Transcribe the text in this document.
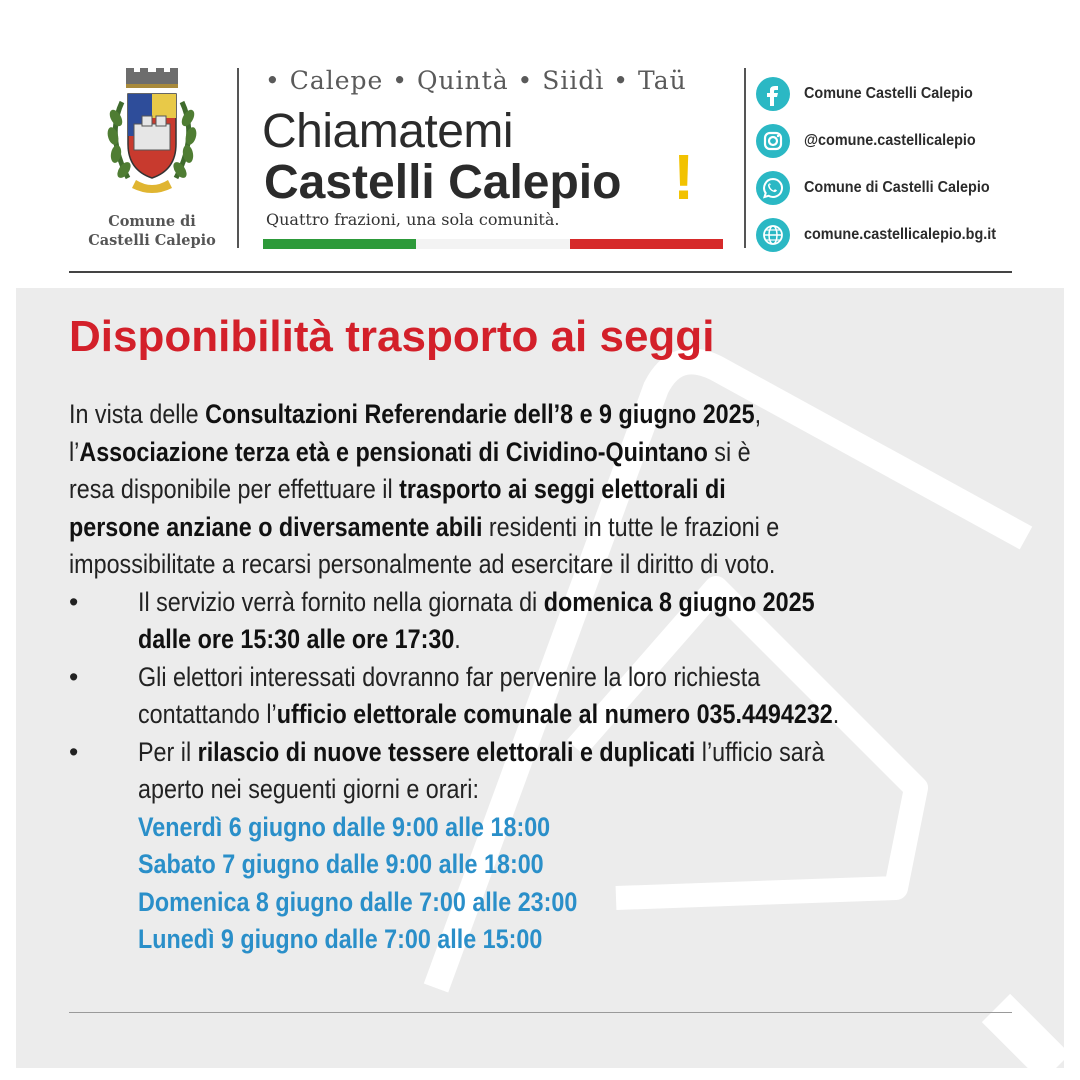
Comune di
Castelli Calepio
• Calepe • Quintà • Siidì • Taü
Chiamatemi
Castelli Calepio !
Quattro frazioni, una sola comunità.
Comune Castelli Calepio
@comune.castellicalepio
Comune di Castelli Calepio
comune.castellicalepio.bg.it
Disponibilità trasporto ai seggi

In vista delle Consultazioni Referendarie dell’8 e 9 giugno 2025,

l’Associazione terza età e pensionati di Cividino-Quintano si è

resa disponibile per effettuare il trasporto ai seggi elettorali di

persone anziane o diversamente abili residenti in tutte le frazioni e

impossibilitate a recarsi personalmente ad esercitare il diritto di voto.

•	Il servizio verrà fornito nella giornata di domenica 8 giugno 2025

dalle ore 15:30 alle ore 17:30.

•	Gli elettori interessati dovranno far pervenire la loro richiesta

contattando l’ufficio elettorale comunale al numero 035.4494232.

•	Per il rilascio di nuove tessere elettorali e duplicati l’ufficio sarà

aperto nei seguenti giorni e orari:

Venerdì 6 giugno dalle 9:00 alle 18:00

Sabato 7 giugno dalle 9:00 alle 18:00

Domenica 8 giugno dalle 7:00 alle 23:00

Lunedì 9 giugno dalle 7:00 alle 15:00
